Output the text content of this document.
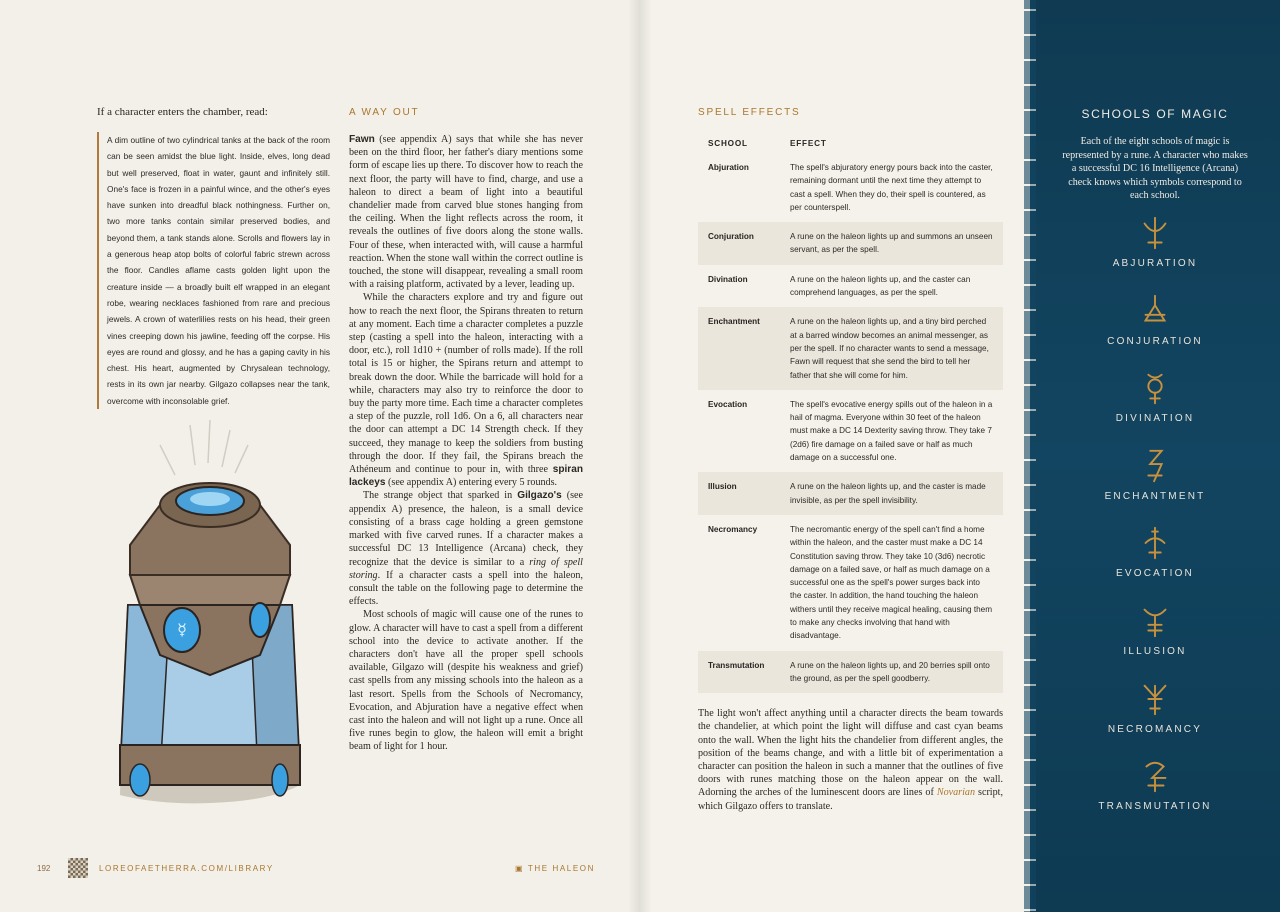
If a character enters the chamber, read:
A dim outline of two cylindrical tanks at the back of the room can be seen amidst the blue light. Inside, elves, long dead but well preserved, float in water, gaunt and infinitely still. One's face is frozen in a painful wince, and the other's eyes have sunken into dreadful black nothingness. Further on, two more tanks contain similar preserved bodies, and beyond them, a tank stands alone. Scrolls and flowers lay in a generous heap atop bolts of colorful fabric strewn across the floor. Candles aflame casts golden light upon the creature inside — a broadly built elf wrapped in an elegant robe, wearing necklaces fashioned from rare and precious jewels. A crown of waterlilies rests on his head, their green vines creeping down his jawline, feeding off the corpse. His eyes are round and glossy, and he has a gaping cavity in his chest. His heart, augmented by Chrysalean technology, rests in its own jar nearby. Gilgazo collapses near the tank, overcome with inconsolable grief.
☿
A WAY OUT

Fawn (see appendix A) says that while she has never been on the third floor, her father's diary mentions some form of escape lies up there. To discover how to reach the next floor, the party will have to find, charge, and use a haleon to direct a beam of light into a beautiful chandelier made from carved blue stones hanging from the ceiling. When the light reflects across the room, it reveals the outlines of five doors along the stone walls. Four of these, when interacted with, will cause a harmful reaction. When the stone wall within the correct outline is touched, the stone will disappear, revealing a small room with a raising platform, activated by a lever, leading up.

While the characters explore and try and figure out how to reach the next floor, the Spirans threaten to return at any moment. Each time a character completes a puzzle step (casting a spell into the haleon, interacting with a door, etc.), roll 1d10 + (number of rolls made). If the roll total is 15 or higher, the Spirans return and attempt to break down the door. While the barricade will hold for a while, characters may also try to reinforce the door to buy the party more time. Each time a character completes a step of the puzzle, roll 1d6. On a 6, all characters near the door can attempt a DC 14 Strength check. If they succeed, they manage to keep the soldiers from busting through the door. If they fail, the Spirans breach the Athéneum and continue to pour in, with three spiran lackeys (see appendix A) entering every 5 rounds.

The strange object that sparked in Gilgazo's (see appendix A) presence, the haleon, is a small device consisting of a brass cage holding a green gemstone marked with five carved runes. If a character makes a successful DC 13 Intelligence (Arcana) check, they recognize that the device is similar to a ring of spell storing. If a character casts a spell into the haleon, consult the table on the following page to determine the effects.

Most schools of magic will cause one of the runes to glow. A character will have to cast a spell from a different school into the device to activate another. If the characters don't have all the proper spell schools available, Gilgazo will (despite his weakness and grief) cast spells from any missing schools into the haleon as a last resort. Spells from the Schools of Necromancy, Evocation, and Abjuration have a negative effect when cast into the haleon and will not light up a rune. Once all five runes begin to glow, the haleon will emit a bright beam of light for 1 hour.

SPELL EFFECTS
SCHOOL	EFFECT
Abjuration	The spell's abjuratory energy pours back into the caster, remaining dormant until the next time they attempt to cast a spell. When they do, their spell is countered, as per counterspell.
Conjuration	A rune on the haleon lights up and summons an unseen servant, as per the spell.
Divination	A rune on the haleon lights up, and the caster can comprehend languages, as per the spell.
Enchantment	A rune on the haleon lights up, and a tiny bird perched at a barred window becomes an animal messenger, as per the spell. If no character wants to send a message, Fawn will request that she send the bird to tell her father that she will come for him.
Evocation	The spell's evocative energy spills out of the haleon in a hail of magma. Everyone within 30 feet of the haleon must make a DC 14 Dexterity saving throw. They take 7 (2d6) fire damage on a failed save or half as much damage on a successful one.
Illusion	A rune on the haleon lights up, and the caster is made invisible, as per the spell invisibility.
Necromancy	The necromantic energy of the spell can't find a home within the haleon, and the caster must make a DC 14 Constitution saving throw. They take 10 (3d6) necrotic damage on a failed save, or half as much damage on a successful one as the spell's power surges back into the caster. In addition, the hand touching the haleon withers until they receive magical healing, causing them to make any checks involving that hand with disadvantage.
Transmutation	A rune on the haleon lights up, and 20 berries spill onto the ground, as per the spell goodberry.
The light won't affect anything until a character directs the beam towards the chandelier, at which point the light will diffuse and cast cyan beams onto the wall. When the light hits the chandelier from different angles, the position of the beams change, and with a little bit of experimentation a character can position the haleon in such a manner that the outlines of five doors with runes matching those on the haleon appear on the wall. Adorning the arches of the luminescent doors are lines of Novarian script, which Gilgazo offers to translate.
192	LOREOFAETHERRA.COM/LIBRARY	▣ THE HALEON
SCHOOLS OF MAGIC
Each of the eight schools of magic is represented by a rune. A character who makes a successful DC 16 Intelligence (Arcana) check knows which symbols correspond to each school.
ABJURATION
CONJURATION
DIVINATION
ENCHANTMENT
EVOCATION
ILLUSION
NECROMANCY
TRANSMUTATION
